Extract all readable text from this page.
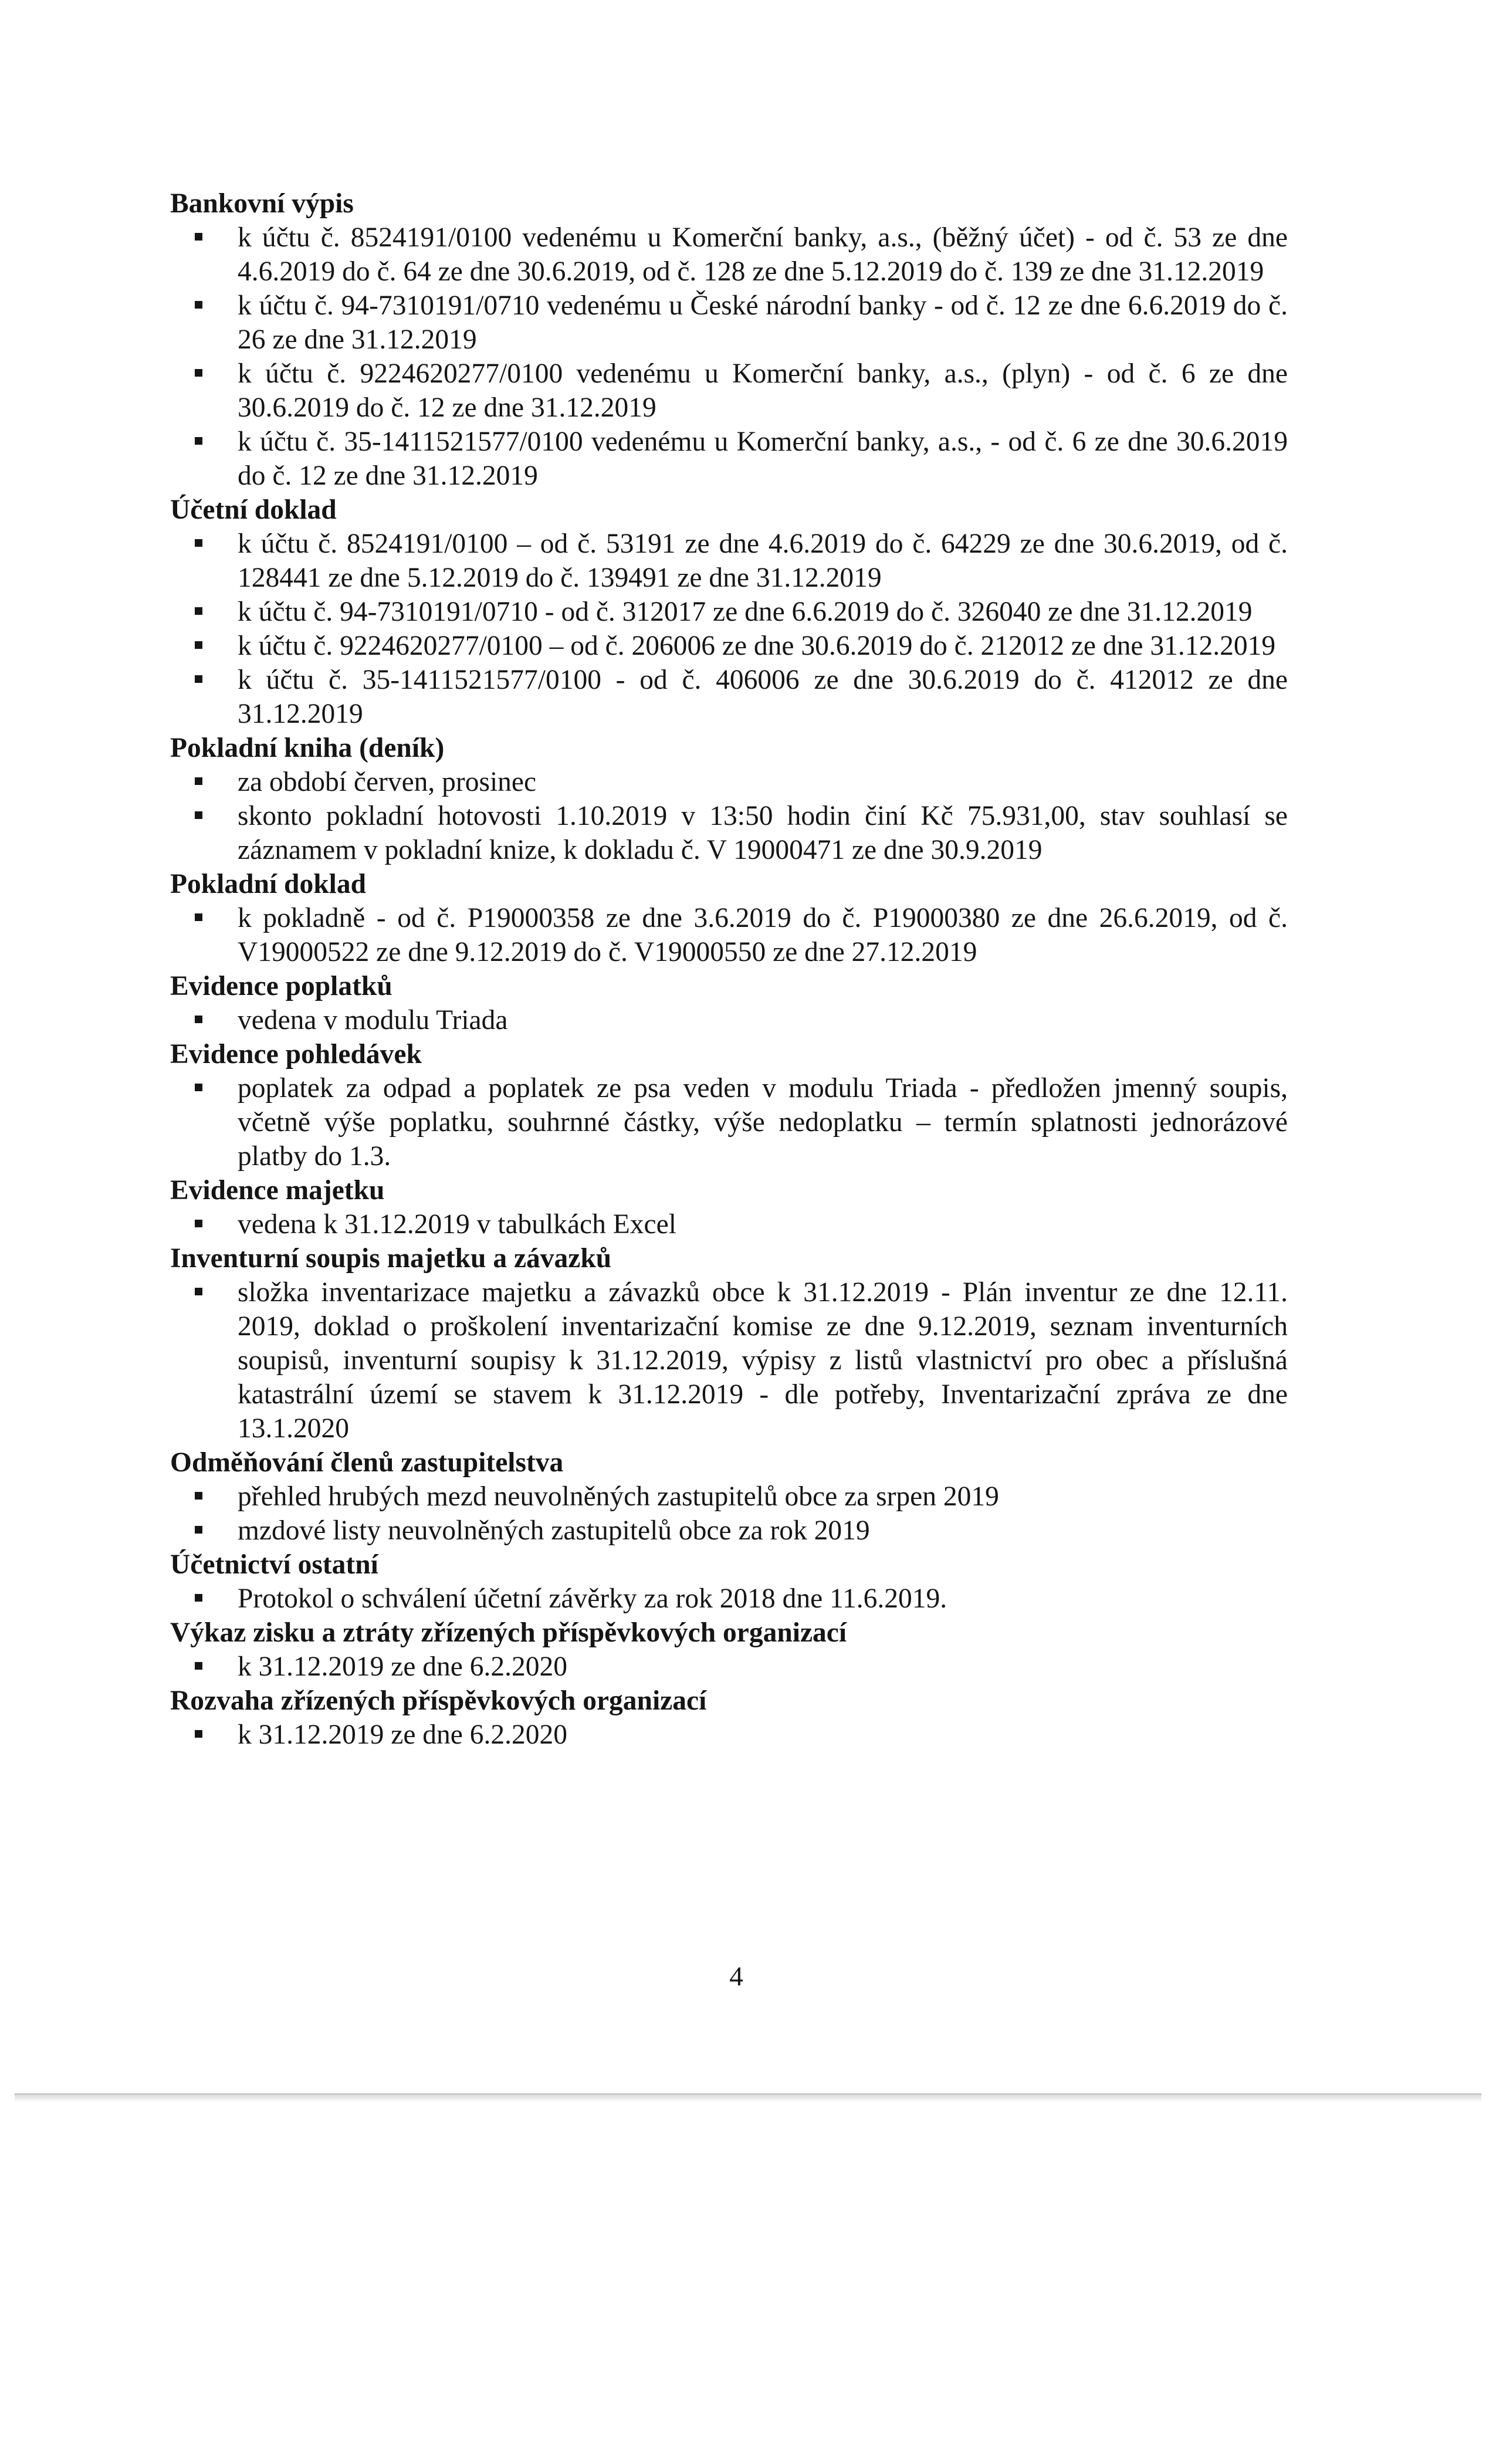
Bankovní výpis
k účtu č. 8524191/0100 vedenému u Komerční banky, a.s., (běžný účet) - od č. 53 ze dne 4.6.2019 do č. 64 ze dne 30.6.2019, od č. 128 ze dne 5.12.2019 do č. 139 ze dne 31.12.2019
k účtu č. 94-7310191/0710 vedenému u České národní banky - od č. 12 ze dne 6.6.2019 do č. 26 ze dne 31.12.2019
k účtu č. 9224620277/0100 vedenému u Komerční banky, a.s., (plyn) - od č. 6 ze dne 30.6.2019 do č. 12 ze dne 31.12.2019
k účtu č. 35-1411521577/0100 vedenému u Komerční banky, a.s., - od č. 6 ze dne 30.6.2019 do č. 12 ze dne 31.12.2019
Účetní doklad
k účtu č. 8524191/0100 – od č. 53191 ze dne 4.6.2019 do č. 64229 ze dne 30.6.2019, od č. 128441 ze dne 5.12.2019 do č. 139491 ze dne 31.12.2019
k účtu č. 94-7310191/0710 - od č. 312017 ze dne 6.6.2019 do č. 326040 ze dne 31.12.2019
k účtu č. 9224620277/0100 – od č. 206006 ze dne 30.6.2019 do č. 212012 ze dne 31.12.2019
k účtu č. 35-1411521577/0100 - od č. 406006 ze dne 30.6.2019 do č. 412012 ze dne 31.12.2019
Pokladní kniha (deník)
za období červen, prosinec
skonto pokladní hotovosti 1.10.2019 v 13:50 hodin činí Kč 75.931,00, stav souhlasí se záznamem v pokladní knize, k dokladu č. V 19000471 ze dne 30.9.2019
Pokladní doklad
k pokladně - od č. P19000358 ze dne 3.6.2019 do č. P19000380 ze dne 26.6.2019, od č. V19000522 ze dne 9.12.2019 do č. V19000550 ze dne 27.12.2019
Evidence poplatků
vedena v modulu Triada
Evidence pohledávek
poplatek za odpad a poplatek ze psa veden v modulu Triada - předložen jmenný soupis, včetně výše poplatku, souhrnné částky, výše nedoplatku – termín splatnosti jednorázové platby do 1.3.
Evidence majetku
vedena k 31.12.2019 v tabulkách Excel
Inventurní soupis majetku a závazků
složka inventarizace majetku a závazků obce k 31.12.2019 - Plán inventur ze dne 12.11. 2019, doklad o proškolení inventarizační komise ze dne 9.12.2019, seznam inventurních soupisů, inventurní soupisy k 31.12.2019, výpisy z listů vlastnictví pro obec a příslušná katastrální území se stavem k 31.12.2019 - dle potřeby, Inventarizační zpráva ze dne 13.1.2020
Odměňování členů zastupitelstva
přehled hrubých mezd neuvolněných zastupitelů obce za srpen 2019
mzdové listy neuvolněných zastupitelů obce za rok 2019
Účetnictví ostatní
Protokol o schválení účetní závěrky za rok 2018 dne 11.6.2019.
Výkaz zisku a ztráty zřízených příspěvkových organizací
k 31.12.2019 ze dne 6.2.2020
Rozvaha zřízených příspěvkových organizací
k 31.12.2019 ze dne 6.2.2020
4
